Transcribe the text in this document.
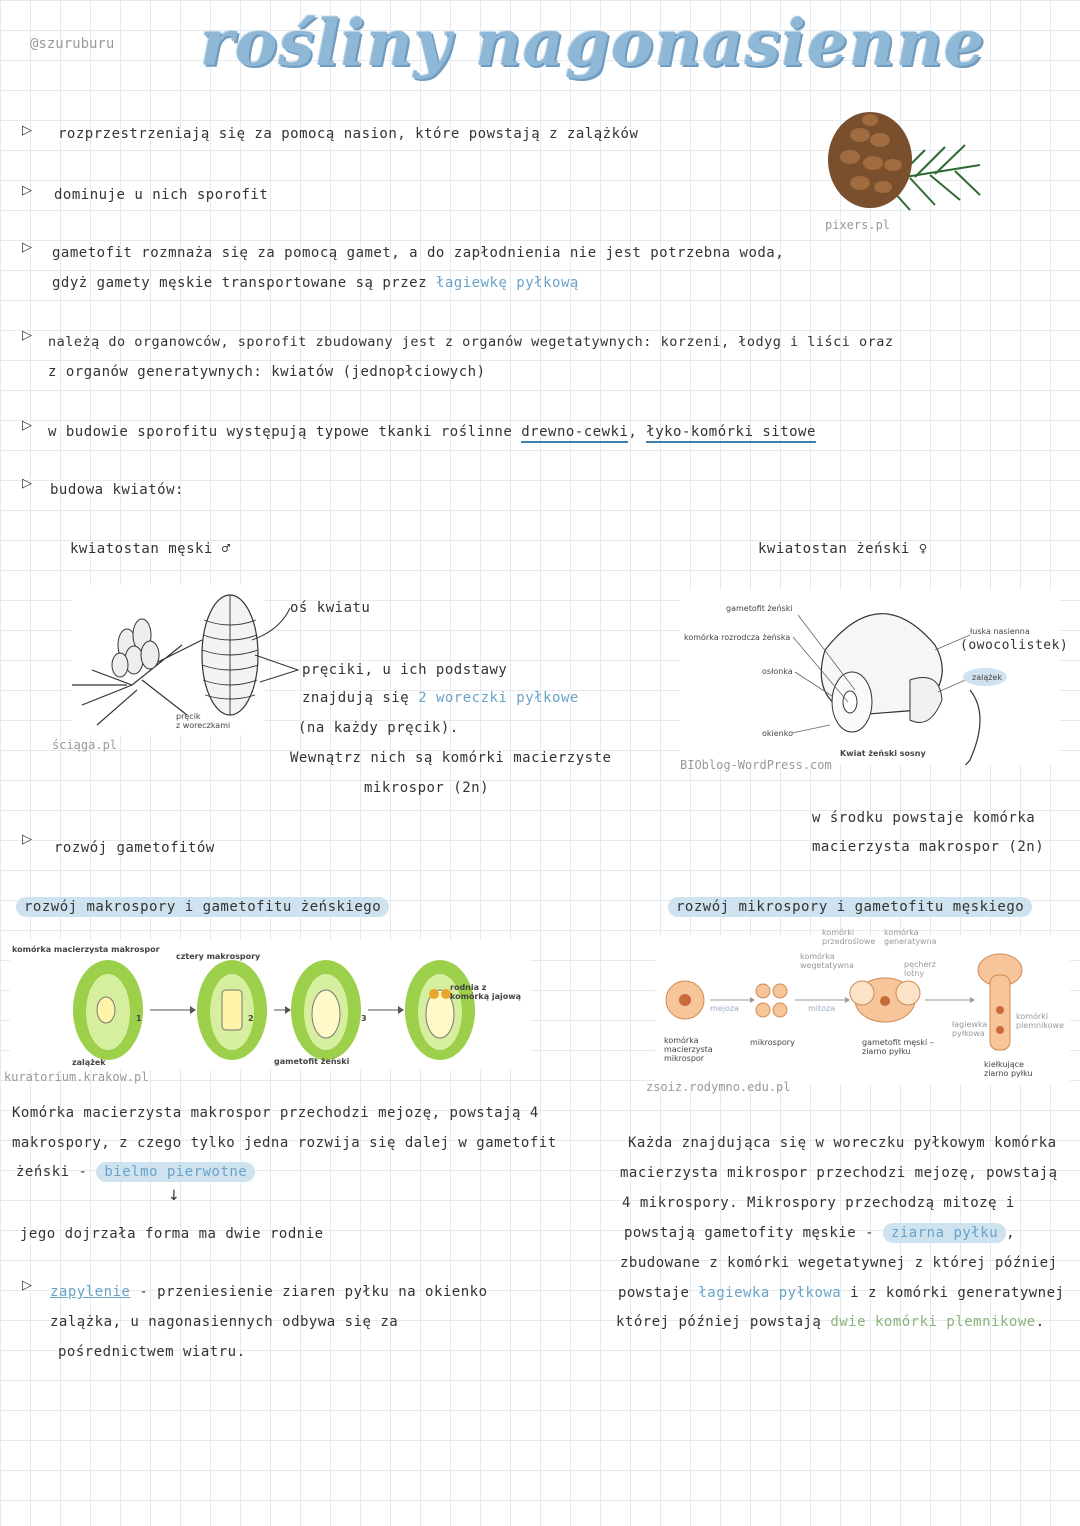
@szuruburu rośliny nagonasienne
pixers.pl
▷ rozprzestrzeniają się za pomocą nasion, które powstają z zalążków
▷ dominuje u nich sporofit
▷ gametofit rozmnaża się za pomocą gamet, a do zapłodnienia nie jest potrzebna woda,
gdyż gamety męskie transportowane są przez łagiewkę pyłkową
▷ należą do organowców, sporofit zbudowany jest z organów wegetatywnych: korzeni, łodyg i liści oraz
z organów generatywnych: kwiatów (jednopłciowych)
▷ w budowie sporofitu występują typowe tkanki roślinne drewno-cewki, łyko-komórki sitowe
▷ budowa kwiatów:
kwiatostan męski ♂
pręcik
z woreczkami
ściąga.pl
oś kwiatu
pręciki, u ich podstawy
znajdują się 2 woreczki pyłkowe
(na każdy pręcik).
Wewnątrz nich są komórki macierzyste
mikrospor (2n)
kwiatostan żeński ♀
gametofit żeński
komórka rozrodcza żeńska
osłonka
okienko
łuska nasienna
(owocolistek)
zalążek
Kwiat żeński sosny
BIOblog-WordPress.com
w środku powstaje komórka
macierzysta makrospor (2n)
▷
rozwój gametofitów
rozwój makrospory i gametofitu żeńskiego	rozwój mikrospory i gametofitu męskiego
komórka macierzysta makrospor
cztery makrospory
rodnia z komórką jajową
zalążek	gametofit żeński
1	2	3
kuratorium.krakow.pl
mejoza	mitoza
komórka macierzysta mikrospor
mikrospory	gametofit męski – ziarno pyłku
kiełkujące ziarno pyłku
komórka wegetatywna
komórki przedroślowe
komórka generatywna
pęcherz lotny
łagiewka pyłkowa
komórki plemnikowe
zsoiz.rodymno.edu.pl
Komórka macierzysta makrospor przechodzi mejozę, powstają 4
makrospory, z czego tylko jedna rozwija się dalej w gametofit
żeński - bielmo pierwotne
↓
jego dojrzała forma ma dwie rodnie
Każda znajdująca się w woreczku pyłkowym komórka
macierzysta mikrospor przechodzi mejozę, powstają
4 mikrospory. Mikrospory przechodzą mitozę i
powstają gametofity męskie - ziarna pyłku ,
zbudowane z komórki wegetatywnej z której później
powstaje łagiewka pyłkowa i z komórki generatywnej
której później powstają dwie komórki plemnikowe.
▷ zapylenie - przeniesienie ziaren pyłku na okienko
zalążka, u nagonasiennych odbywa się za
pośrednictwem wiatru.
